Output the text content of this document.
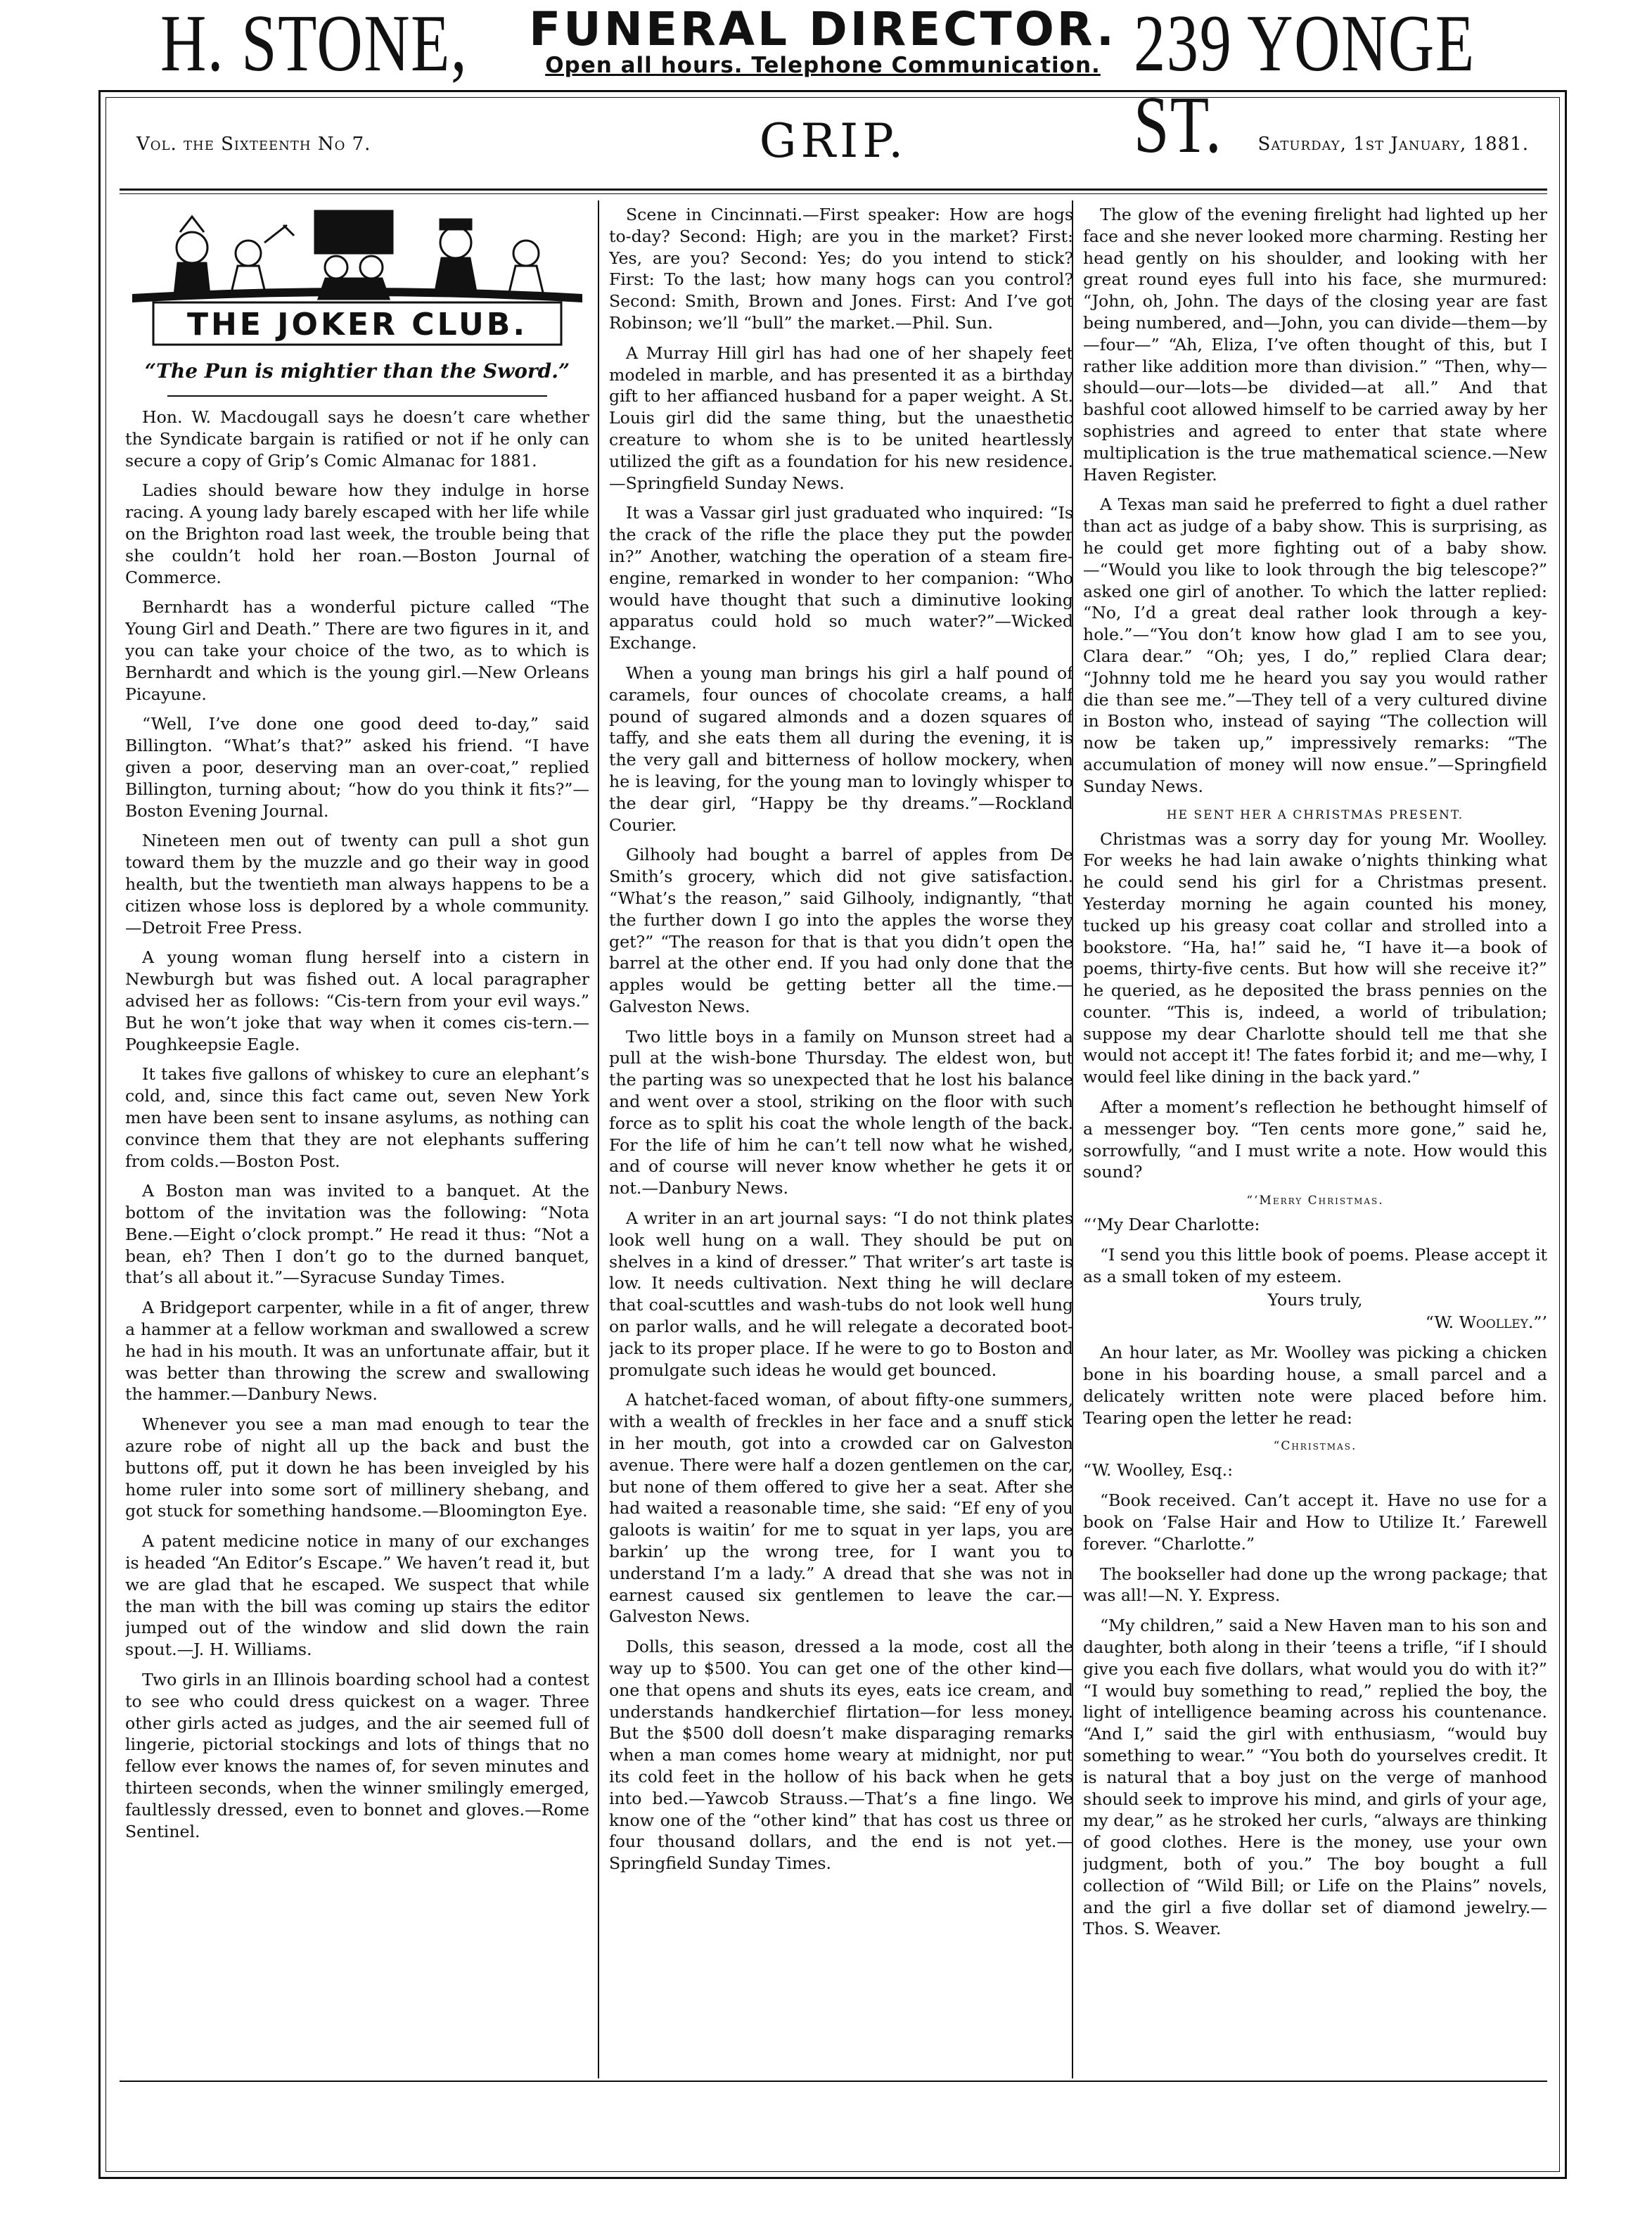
H. STONE, FUNERAL DIRECTOR.
Open all hours. Telephone Communication. 239 YONGE ST.
Vol. the Sixteenth No 7.	GRIP.	Saturday, 1st January, 1881.
THE JOKER CLUB.
“The Pun is mightier than the Sword.”

Hon. W. Macdougall says he doesn’t care whether the Syndicate bargain is ratified or not if he only can secure a copy of Grip’s Comic Almanac for 1881.

Ladies should beware how they indulge in horse racing. A young lady barely escaped with her life while on the Brighton road last week, the trouble being that she couldn’t hold her roan.—Boston Journal of Commerce.

Bernhardt has a wonderful picture called “The Young Girl and Death.” There are two figures in it, and you can take your choice of the two, as to which is Bernhardt and which is the young girl.—New Orleans Picayune.

“Well, I’ve done one good deed to-day,” said Billington. “What’s that?” asked his friend. “I have given a poor, deserving man an over-coat,” replied Billington, turning about; “how do you think it fits?”—Boston Evening Journal.

Nineteen men out of twenty can pull a shot gun toward them by the muzzle and go their way in good health, but the twentieth man always happens to be a citizen whose loss is deplored by a whole community.—Detroit Free Press.

A young woman flung herself into a cistern in Newburgh but was fished out. A local paragrapher advised her as follows: “Cis-tern from your evil ways.” But he won’t joke that way when it comes cis-tern.—Poughkeepsie Eagle.

It takes five gallons of whiskey to cure an elephant’s cold, and, since this fact came out, seven New York men have been sent to insane asylums, as nothing can convince them that they are not elephants suffering from colds.—Boston Post.

A Boston man was invited to a banquet. At the bottom of the invitation was the following: “Nota Bene.—Eight o’clock prompt.” He read it thus: “Not a bean, eh? Then I don’t go to the durned banquet, that’s all about it.”—Syracuse Sunday Times.

A Bridgeport carpenter, while in a fit of anger, threw a hammer at a fellow workman and swallowed a screw he had in his mouth. It was an unfortunate affair, but it was better than throwing the screw and swallowing the hammer.—Danbury News.

Whenever you see a man mad enough to tear the azure robe of night all up the back and bust the buttons off, put it down he has been inveigled by his home ruler into some sort of millinery shebang, and got stuck for something handsome.—Bloomington Eye.

A patent medicine notice in many of our exchanges is headed “An Editor’s Escape.” We haven’t read it, but we are glad that he escaped. We suspect that while the man with the bill was coming up stairs the editor jumped out of the window and slid down the rain spout.—J. H. Williams.

Two girls in an Illinois boarding school had a contest to see who could dress quickest on a wager. Three other girls acted as judges, and the air seemed full of lingerie, pictorial stockings and lots of things that no fellow ever knows the names of, for seven minutes and thirteen seconds, when the winner smilingly emerged, faultlessly dressed, even to bonnet and gloves.—Rome Sentinel.

Scene in Cincinnati.—First speaker: How are hogs to-day? Second: High; are you in the market? First: Yes, are you? Second: Yes; do you intend to stick? First: To the last; how many hogs can you control? Second: Smith, Brown and Jones. First: And I’ve got Robinson; we’ll “bull” the market.—Phil. Sun.

A Murray Hill girl has had one of her shapely feet modeled in marble, and has presented it as a birthday gift to her affianced husband for a paper weight. A St. Louis girl did the same thing, but the unaesthetic creature to whom she is to be united heartlessly utilized the gift as a foundation for his new residence.—Springfield Sunday News.

It was a Vassar girl just graduated who inquired: “Is the crack of the rifle the place they put the powder in?” Another, watching the operation of a steam fire-engine, remarked in wonder to her companion: “Who would have thought that such a diminutive looking apparatus could hold so much water?”—Wicked Exchange.

When a young man brings his girl a half pound of caramels, four ounces of chocolate creams, a half pound of sugared almonds and a dozen squares of taffy, and she eats them all during the evening, it is the very gall and bitterness of hollow mockery, when he is leaving, for the young man to lovingly whisper to the dear girl, “Happy be thy dreams.”—Rockland Courier.

Gilhooly had bought a barrel of apples from De Smith’s grocery, which did not give satisfaction. “What’s the reason,” said Gilhooly, indignantly, “that the further down I go into the apples the worse they get?” “The reason for that is that you didn’t open the barrel at the other end. If you had only done that the apples would be getting better all the time.—Galveston News.

Two little boys in a family on Munson street had a pull at the wish-bone Thursday. The eldest won, but the parting was so unexpected that he lost his balance and went over a stool, striking on the floor with such force as to split his coat the whole length of the back. For the life of him he can’t tell now what he wished, and of course will never know whether he gets it or not.—Danbury News.

A writer in an art journal says: “I do not think plates look well hung on a wall. They should be put on shelves in a kind of dresser.” That writer’s art taste is low. It needs cultivation. Next thing he will declare that coal-scuttles and wash-tubs do not look well hung on parlor walls, and he will relegate a decorated boot-jack to its proper place. If he were to go to Boston and promulgate such ideas he would get bounced.

A hatchet-faced woman, of about fifty-one summers, with a wealth of freckles in her face and a snuff stick in her mouth, got into a crowded car on Galveston avenue. There were half a dozen gentlemen on the car, but none of them offered to give her a seat. After she had waited a reasonable time, she said: “Ef eny of you galoots is waitin’ for me to squat in yer laps, you are barkin’ up the wrong tree, for I want you to understand I’m a lady.” A dread that she was not in earnest caused six gentlemen to leave the car.—Galveston News.

Dolls, this season, dressed a la mode, cost all the way up to $500. You can get one of the other kind—one that opens and shuts its eyes, eats ice cream, and understands handkerchief flirtation—for less money. But the $500 doll doesn’t make disparaging remarks when a man comes home weary at midnight, nor put its cold feet in the hollow of his back when he gets into bed.—Yawcob Strauss.—That’s a fine lingo. We know one of the “other kind” that has cost us three or four thousand dollars, and the end is not yet.—Springfield Sunday Times.

The glow of the evening firelight had lighted up her face and she never looked more charming. Resting her head gently on his shoulder, and looking with her great round eyes full into his face, she murmured: “John, oh, John. The days of the closing year are fast being numbered, and—John, you can divide—them—by—four—” “Ah, Eliza, I’ve often thought of this, but I rather like addition more than division.” “Then, why—should—our—lots—be divided—at all.” And that bashful coot allowed himself to be carried away by her sophistries and agreed to enter that state where multiplication is the true mathematical science.—New Haven Register.

A Texas man said he preferred to fight a duel rather than act as judge of a baby show. This is surprising, as he could get more fighting out of a baby show.—“Would you like to look through the big telescope?” asked one girl of another. To which the latter replied: “No, I’d a great deal rather look through a key-hole.”—“You don’t know how glad I am to see you, Clara dear.” “Oh; yes, I do,” replied Clara dear; “Johnny told me he heard you say you would rather die than see me.”—They tell of a very cultured divine in Boston who, instead of saying “The collection will now be taken up,” impressively remarks: “The accumulation of money will now ensue.”—Springfield Sunday News.

HE SENT HER A CHRISTMAS PRESENT.

Christmas was a sorry day for young Mr. Woolley. For weeks he had lain awake o’nights thinking what he could send his girl for a Christmas present. Yesterday morning he again counted his money, tucked up his greasy coat collar and strolled into a bookstore. “Ha, ha!” said he, “I have it—a book of poems, thirty-five cents. But how will she receive it?” he queried, as he deposited the brass pennies on the counter. “This is, indeed, a world of tribulation; suppose my dear Charlotte should tell me that she would not accept it! The fates forbid it; and me—why, I would feel like dining in the back yard.”

After a moment’s reflection he bethought himself of a messenger boy. “Ten cents more gone,” said he, sorrowfully, “and I must write a note. How would this sound?

“‘Merry Christmas.

“‘My Dear Charlotte:

“I send you this little book of poems. Please accept it as a small token of my esteem.

Yours truly,

“W. Woolley.”’

An hour later, as Mr. Woolley was picking a chicken bone in his boarding house, a small parcel and a delicately written note were placed before him. Tearing open the letter he read:

“Christmas.

“W. Woolley, Esq.:

“Book received. Can’t accept it. Have no use for a book on ‘False Hair and How to Utilize It.’ Farewell forever. “Charlotte.”

The bookseller had done up the wrong package; that was all!—N. Y. Express.

“My children,” said a New Haven man to his son and daughter, both along in their ’teens a trifle, “if I should give you each five dollars, what would you do with it?” “I would buy something to read,” replied the boy, the light of intelligence beaming across his countenance. “And I,” said the girl with enthusiasm, “would buy something to wear.” “You both do yourselves credit. It is natural that a boy just on the verge of manhood should seek to improve his mind, and girls of your age, my dear,” as he stroked her curls, “always are thinking of good clothes. Here is the money, use your own judgment, both of you.” The boy bought a full collection of “Wild Bill; or Life on the Plains” novels, and the girl a five dollar set of diamond jewelry.—Thos. S. Weaver.
